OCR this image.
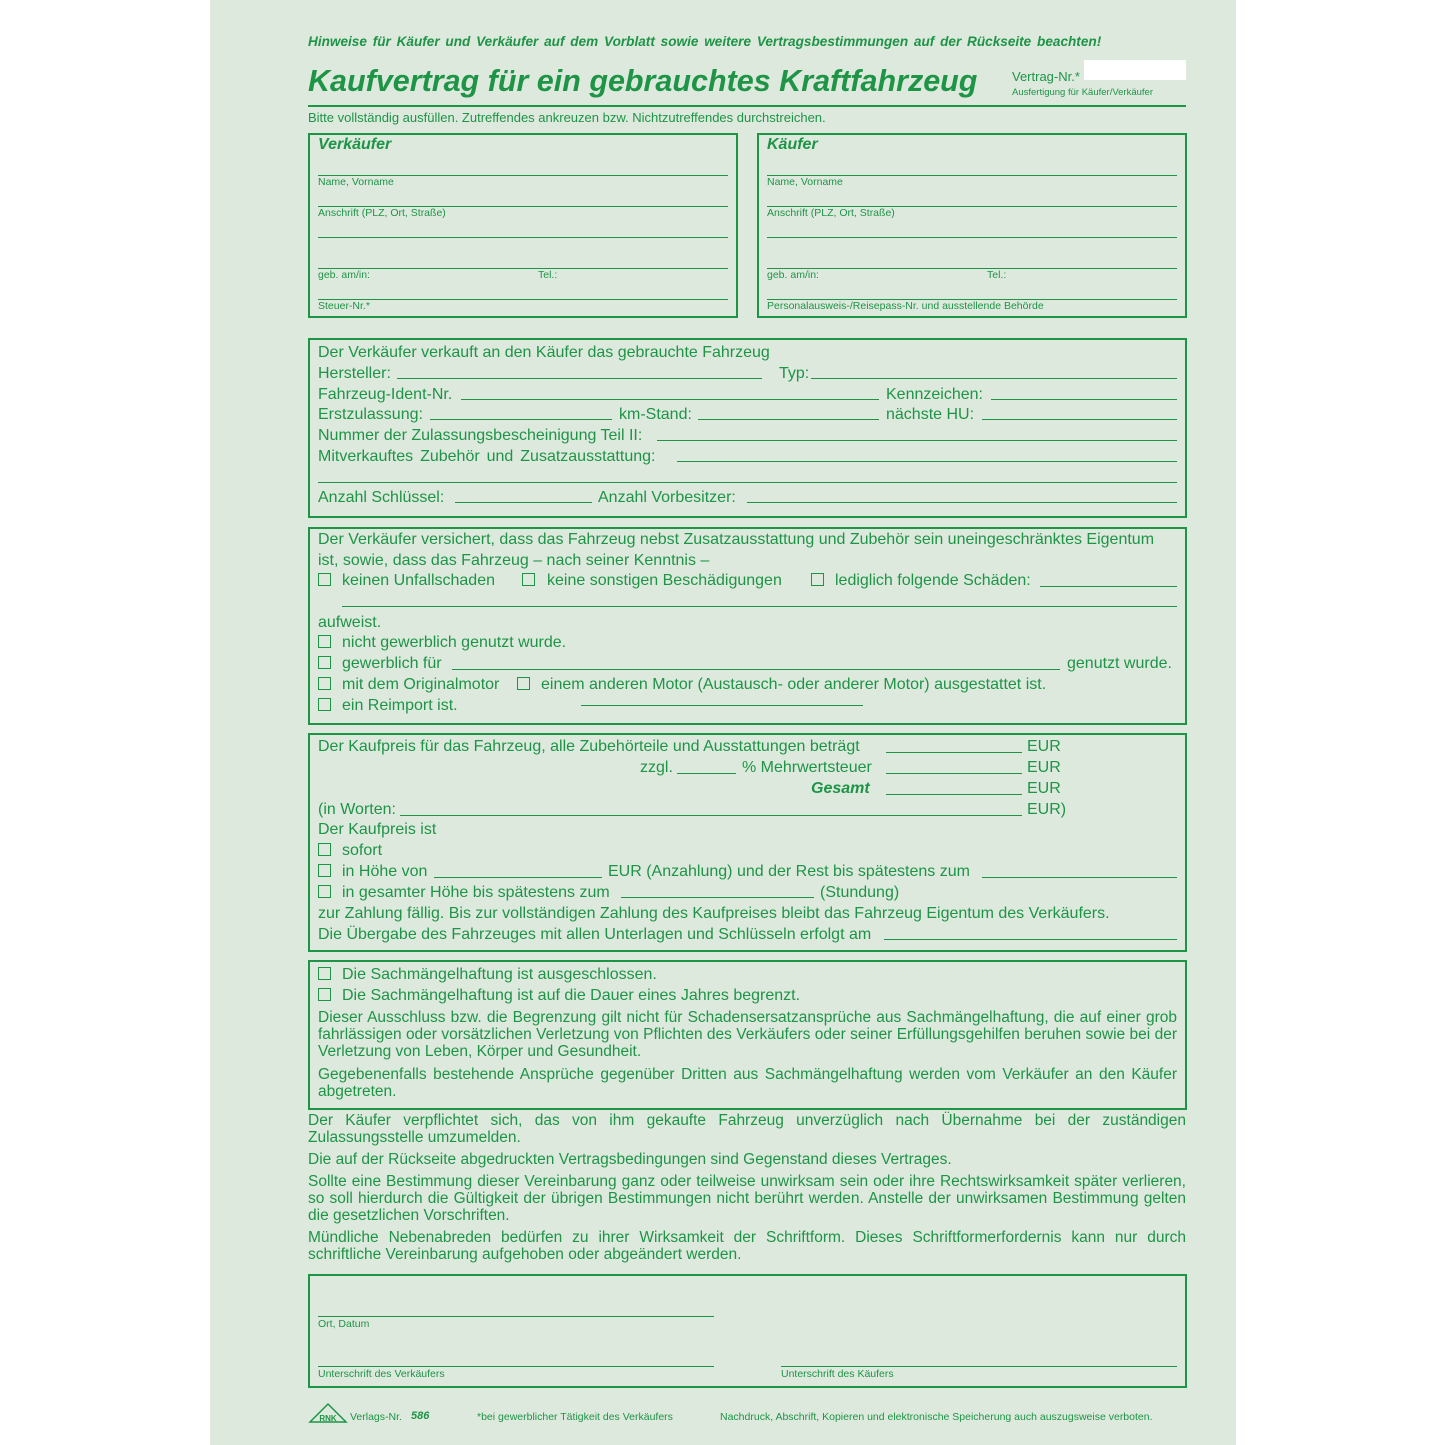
Hinweise für Käufer und Verkäufer auf dem Vorblatt sowie weitere Vertragsbestimmungen auf der Rückseite beachten!
Kaufvertrag für ein gebrauchtes Kraftfahrzeug	Vertrag-Nr.*
Ausfertigung für Käufer/Verkäufer
Bitte vollständig ausfüllen. Zutreffendes ankreuzen bzw. Nichtzutreffendes durchstreichen.
Verkäufer
Name, Vorname
Anschrift (PLZ, Ort, Straße)
geb. am/in:	Tel.:
Steuer-Nr.*
Käufer
Name, Vorname
Anschrift (PLZ, Ort, Straße)
geb. am/in:	Tel.:
Personalausweis-/Reisepass-Nr. und ausstellende Behörde
Der Verkäufer verkauft an den Käufer das gebrauchte Fahrzeug
Hersteller:	Typ:
Fahrzeug-Ident-Nr.	Kennzeichen:
Erstzulassung:	km-Stand:	nächste HU:
Nummer der Zulassungsbescheinigung Teil II:
Mitverkauftes Zubehör und Zusatzausstattung:
Anzahl Schlüssel:	Anzahl Vorbesitzer:
Der Verkäufer versichert, dass das Fahrzeug nebst Zusatzausstattung und Zubehör sein uneingeschränktes Eigentum
ist, sowie, dass das Fahrzeug – nach seiner Kenntnis –
keinen Unfallschaden	keine sonstigen Beschädigungen	lediglich folgende Schäden:
aufweist.
nicht gewerblich genutzt wurde.
gewerblich für	genutzt wurde.
mit dem Originalmotor	einem anderen Motor (Austausch- oder anderer Motor) ausgestattet ist.
ein Reimport ist.
Der Kaufpreis für das Fahrzeug, alle Zubehörteile und Ausstattungen beträgt	EUR
zzgl.	% Mehrwertsteuer	EUR
Gesamt	EUR
(in Worten:	EUR)
Der Kaufpreis ist
sofort
in Höhe von	EUR (Anzahlung) und der Rest bis spätestens zum
in gesamter Höhe bis spätestens zum	(Stundung)
zur Zahlung fällig. Bis zur vollständigen Zahlung des Kaufpreises bleibt das Fahrzeug Eigentum des Verkäufers.
Die Übergabe des Fahrzeuges mit allen Unterlagen und Schlüsseln erfolgt am
Die Sachmängelhaftung ist ausgeschlossen.
Die Sachmängelhaftung ist auf die Dauer eines Jahres begrenzt.
Dieser Ausschluss bzw. die Begrenzung gilt nicht für Schadensersatzansprüche aus Sachmängelhaftung, die auf einer grob fahrlässigen oder vorsätzlichen Verletzung von Pflichten des Verkäufers oder seiner Erfüllungsgehilfen beruhen sowie bei der Verletzung von Leben, Körper und Gesundheit.
Gegebenenfalls bestehende Ansprüche gegenüber Dritten aus Sachmängelhaftung werden vom Verkäufer an den Käufer abgetreten.
Der Käufer verpflichtet sich, das von ihm gekaufte Fahrzeug unverzüglich nach Übernahme bei der zuständigen Zulassungsstelle umzumelden.
Die auf der Rückseite abgedruckten Vertragsbedingungen sind Gegenstand dieses Vertrages.
Sollte eine Bestimmung dieser Vereinbarung ganz oder teilweise unwirksam sein oder ihre Rechtswirksamkeit später verlieren, so soll hierdurch die Gültigkeit der übrigen Bestimmungen nicht berührt werden. Anstelle der unwirksamen Bestimmung gelten die gesetzlichen Vorschriften.
Mündliche Nebenabreden bedürfen zu ihrer Wirksamkeit der Schriftform. Dieses Schriftformerfordernis kann nur durch schriftliche Vereinbarung aufgehoben oder abgeändert werden.
Ort, Datum
Unterschrift des Verkäufers	Unterschrift des Käufers
RNK Verlags-Nr. 586	*bei gewerblicher Tätigkeit des Verkäufers	Nachdruck, Abschrift, Kopieren und elektronische Speicherung auch auszugsweise verboten.
